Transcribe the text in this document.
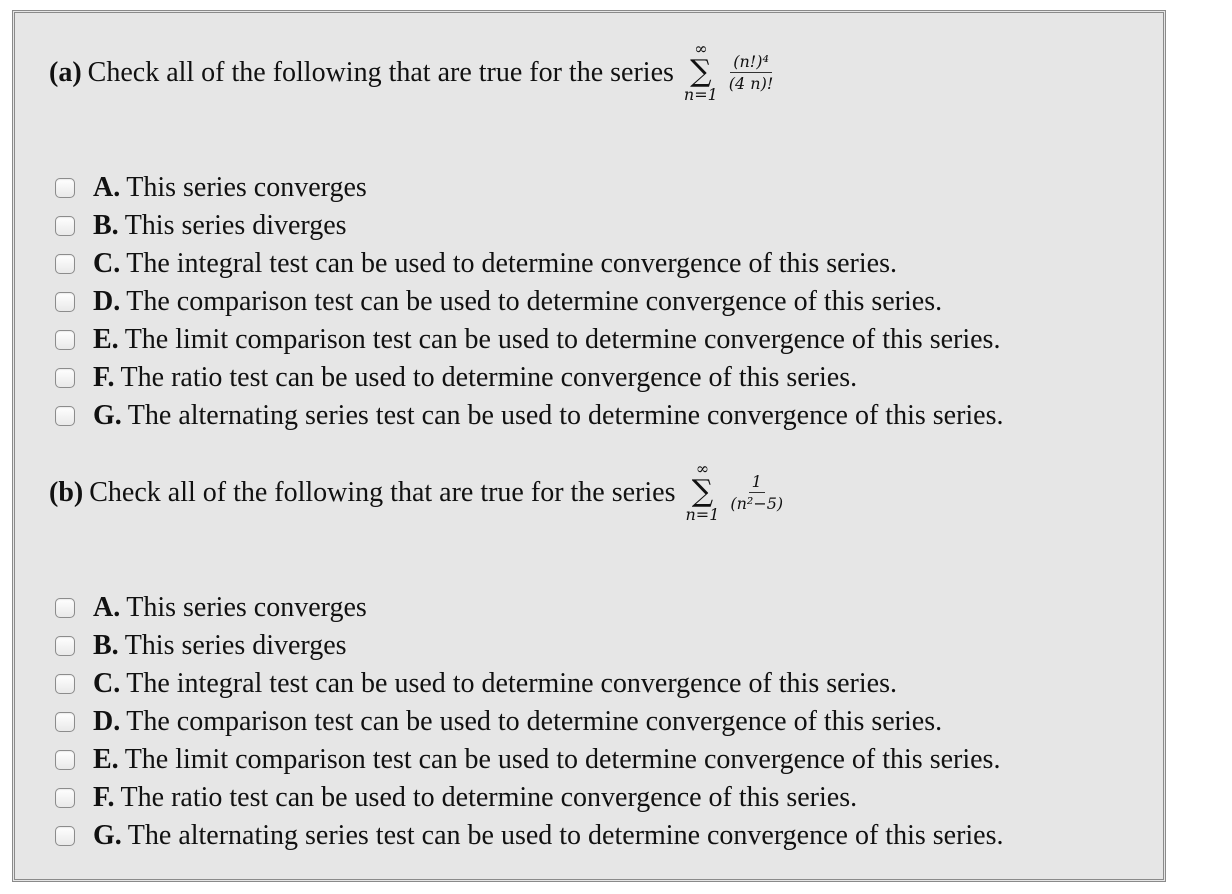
(a) Check all of the following that are true for the series
∞
∑
n=1
$\frac{\text{(n!)⁴}}{(4 n)!}$
A. This series converges
B. This series diverges
C. The integral test can be used to determine convergence of this series.
D. The comparison test can be used to determine convergence of this series.
E. The limit comparison test can be used to determine convergence of this series.
F. The ratio test can be used to determine convergence of this series.
G. The alternating series test can be used to determine convergence of this series.
(b) Check all of the following that are true for the series
∞
∑
n=1
$\frac{1}{\text{(n²−5)}}$
A. This series converges
B. This series diverges
C. The integral test can be used to determine convergence of this series.
D. The comparison test can be used to determine convergence of this series.
E. The limit comparison test can be used to determine convergence of this series.
F. The ratio test can be used to determine convergence of this series.
G. The alternating series test can be used to determine convergence of this series.
